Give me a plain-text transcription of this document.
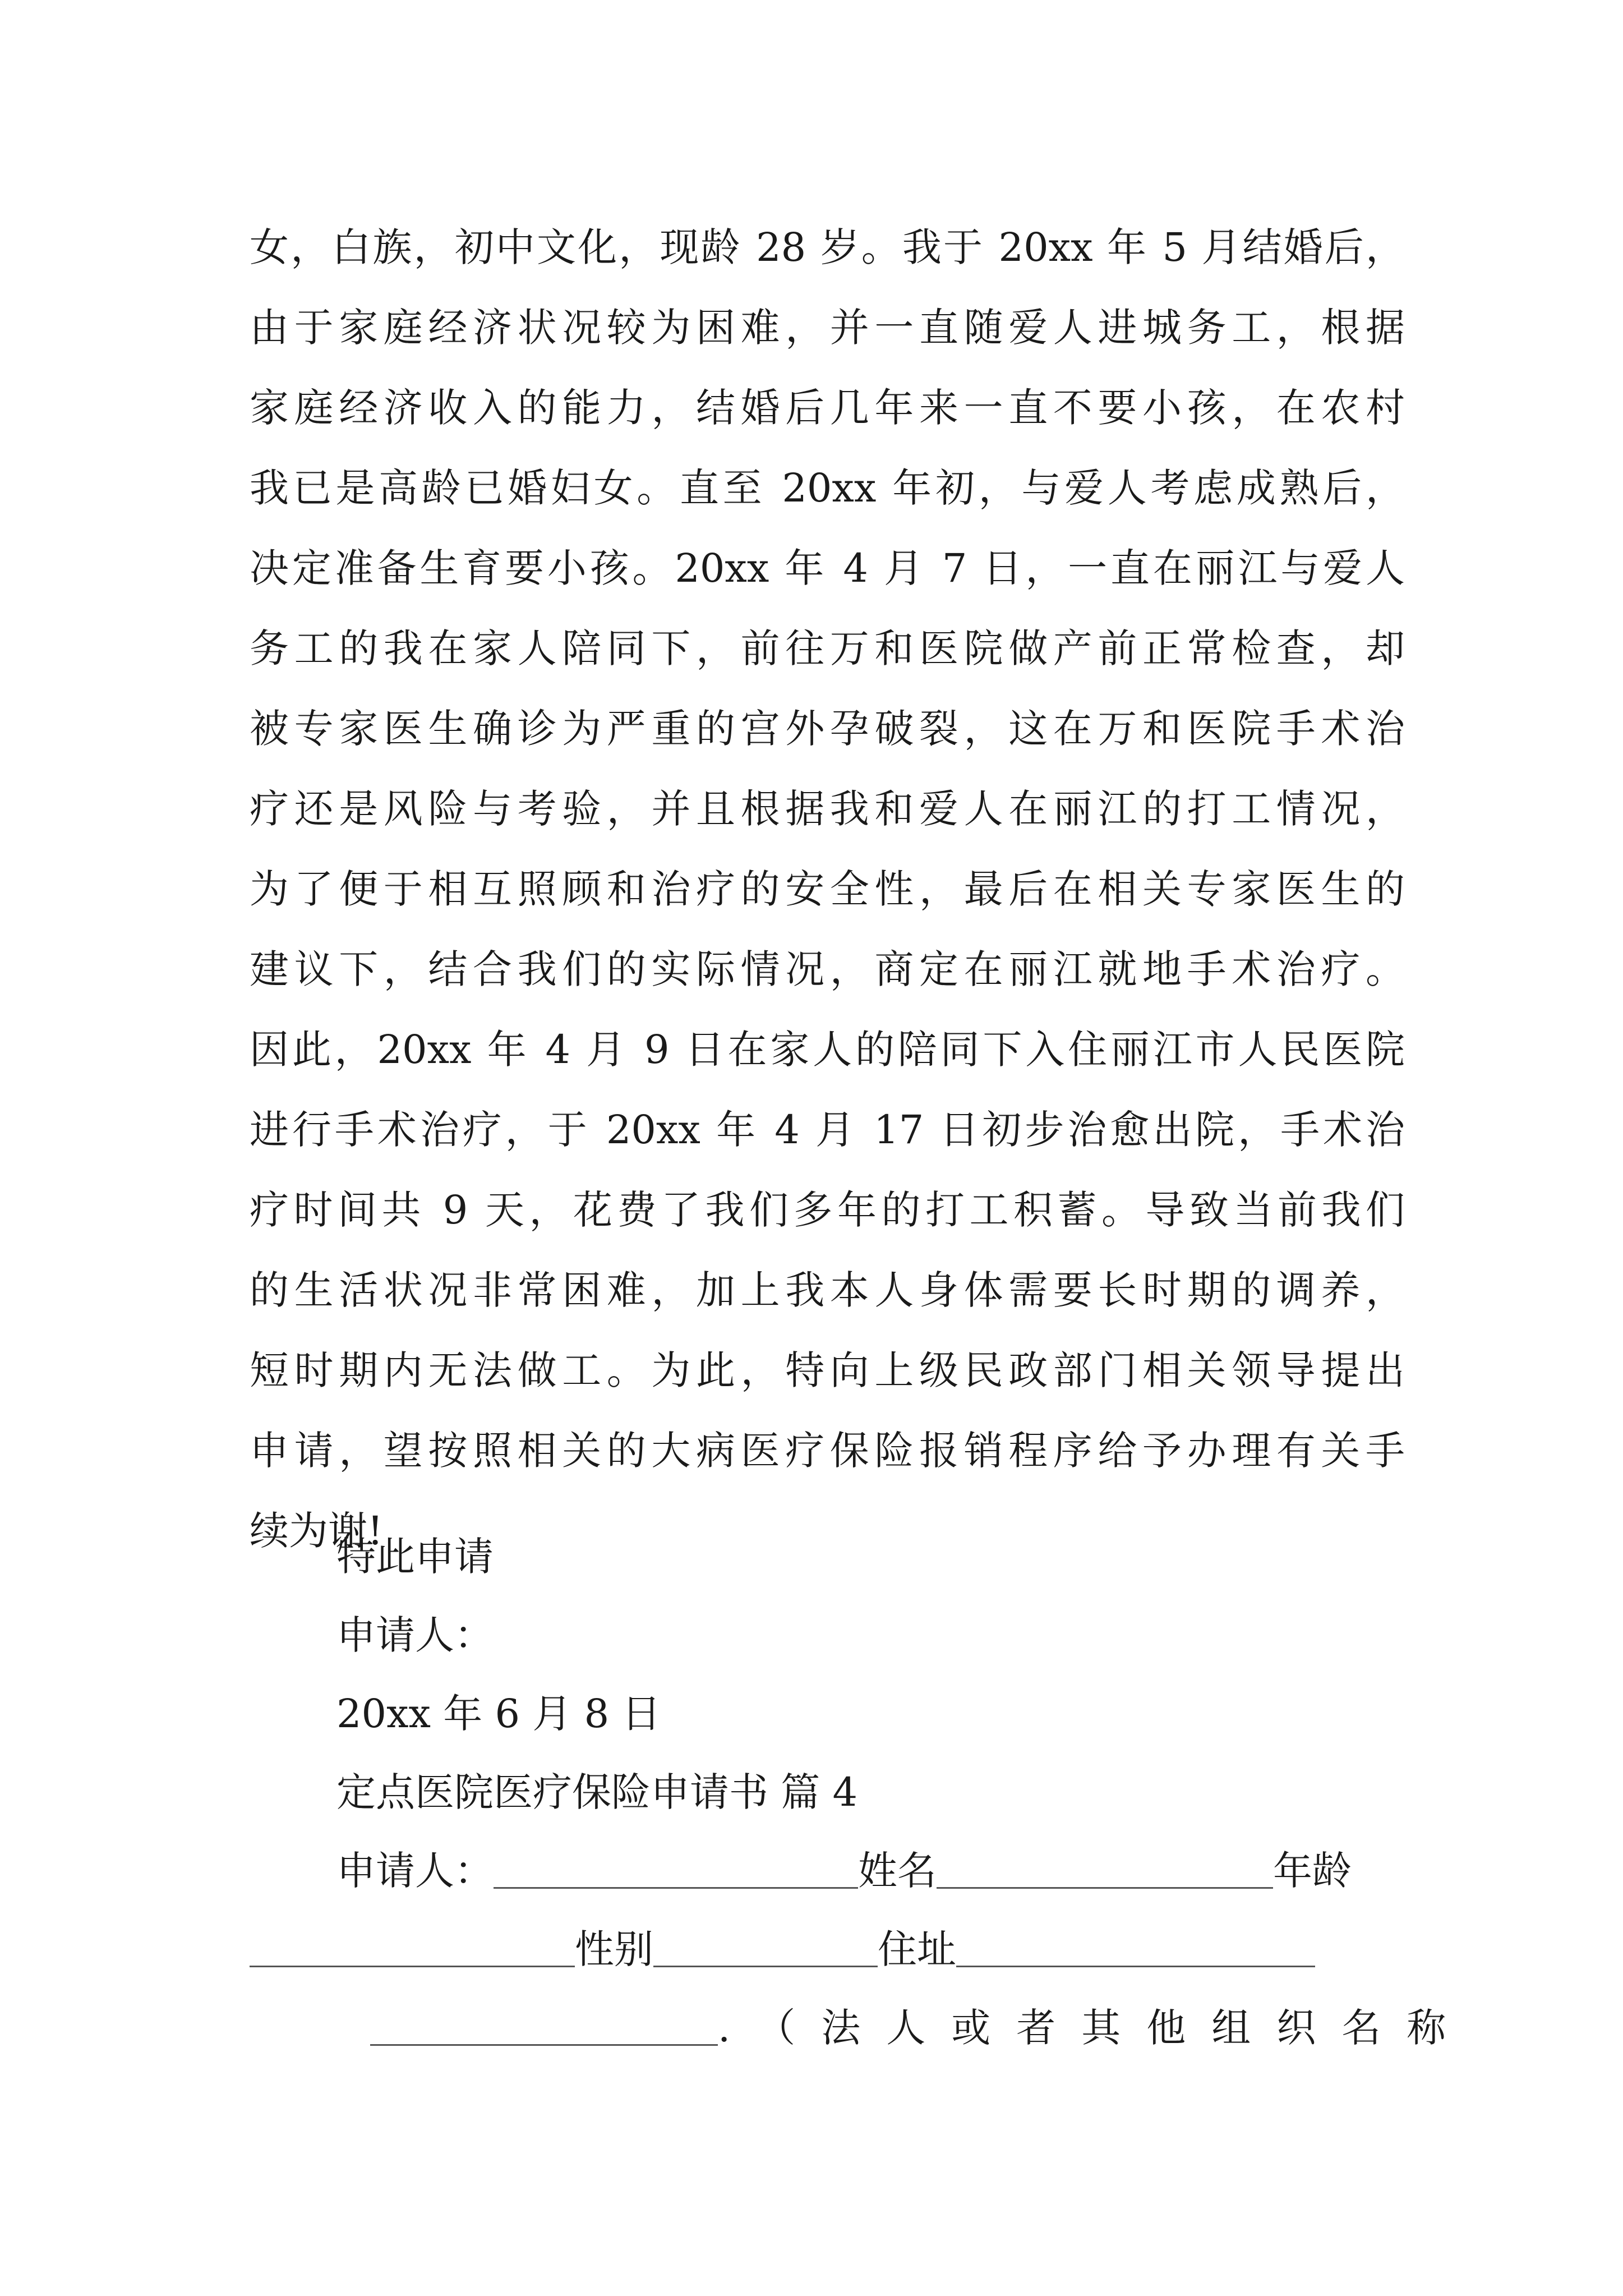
女，白族，初中文化，现龄 28 岁。我于 20xx 年 5 月结婚后，
由于家庭经济状况较为困难，并一直随爱人进城务工，根据
家庭经济收入的能力，结婚后几年来一直不要小孩，在农村
我已是高龄已婚妇女。直至 20xx 年初，与爱人考虑成熟后，
决定准备生育要小孩。20xx 年 4 月 7 日，一直在丽江与爱人
务工的我在家人陪同下，前往万和医院做产前正常检查，却
被专家医生确诊为严重的宫外孕破裂，这在万和医院手术治
疗还是风险与考验，并且根据我和爱人在丽江的打工情况，
为了便于相互照顾和治疗的安全性，最后在相关专家医生的
建议下，结合我们的实际情况，商定在丽江就地手术治疗。
因此，20xx 年 4 月 9 日在家人的陪同下入住丽江市人民医院
进行手术治疗，于 20xx 年 4 月 17 日初步治愈出院，手术治
疗时间共 9 天，花费了我们多年的打工积蓄。导致当前我们
的生活状况非常困难，加上我本人身体需要长时期的调养，
短时期内无法做工。为此，特向上级民政部门相关领导提出
申请，望按照相关的大病医疗保险报销程序给予办理有关手
续为谢!
特此申请
申请人：
20xx 年 6 月 8 日
定点医院医疗保险申请书 篇 4
申请人：	姓名	年龄
性别	住址
.（法人或者其他组织名称
